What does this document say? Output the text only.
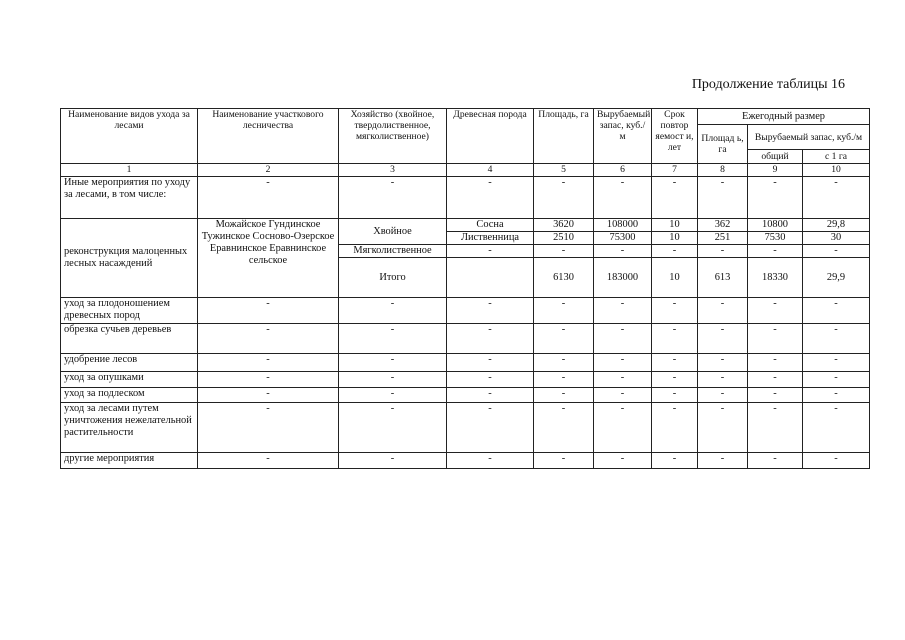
Продолжение таблицы 16
Наименование видов ухода за лесами	Наименование участкового лесничества	Хозяйство (хвойное, твердолиственное, мягколиственное)	Древесная порода	Площадь, га	Вырубаемый запас, куб./м	Срок повтор яемост и, лет	Ежегодный размер		
							Площад ь, га	Вырубаемый запас, куб./м	
								общий	с 1 га
1	2	3	4	5	6	7	8	9	10
Иные мероприятия по уходу за лесами, в том числе:	-	-	-	-	-	-	-	-	-
реконструкция малоценных лесных насаждений	Можайское Гундинское Тужинское Сосново-Озерское Еравнинское Еравнинское сельское	Хвойное	Сосна	3620	108000	10	362	10800	29,8
			Лиственница	2510	75300	10	251	7530	30
		Мягколиственное	-	-	-	-	-	-	-
		Итого		6130	183000	10	613	18330	29,9
уход за плодоношением древесных пород	-	-	-	-	-	-	-	-	-
обрезка сучьев деревьев	-	-	-	-	-	-	-	-	-
удобрение лесов	-	-	-	-	-	-	-	-	-
уход за опушками	-	-	-	-	-	-	-	-	-
уход за подлеском	-	-	-	-	-	-	-	-	-
уход за лесами путем уничтожения нежелательной растительности	-	-	-	-	-	-	-	-	-
другие мероприятия	-	-	-	-	-	-	-	-	-
